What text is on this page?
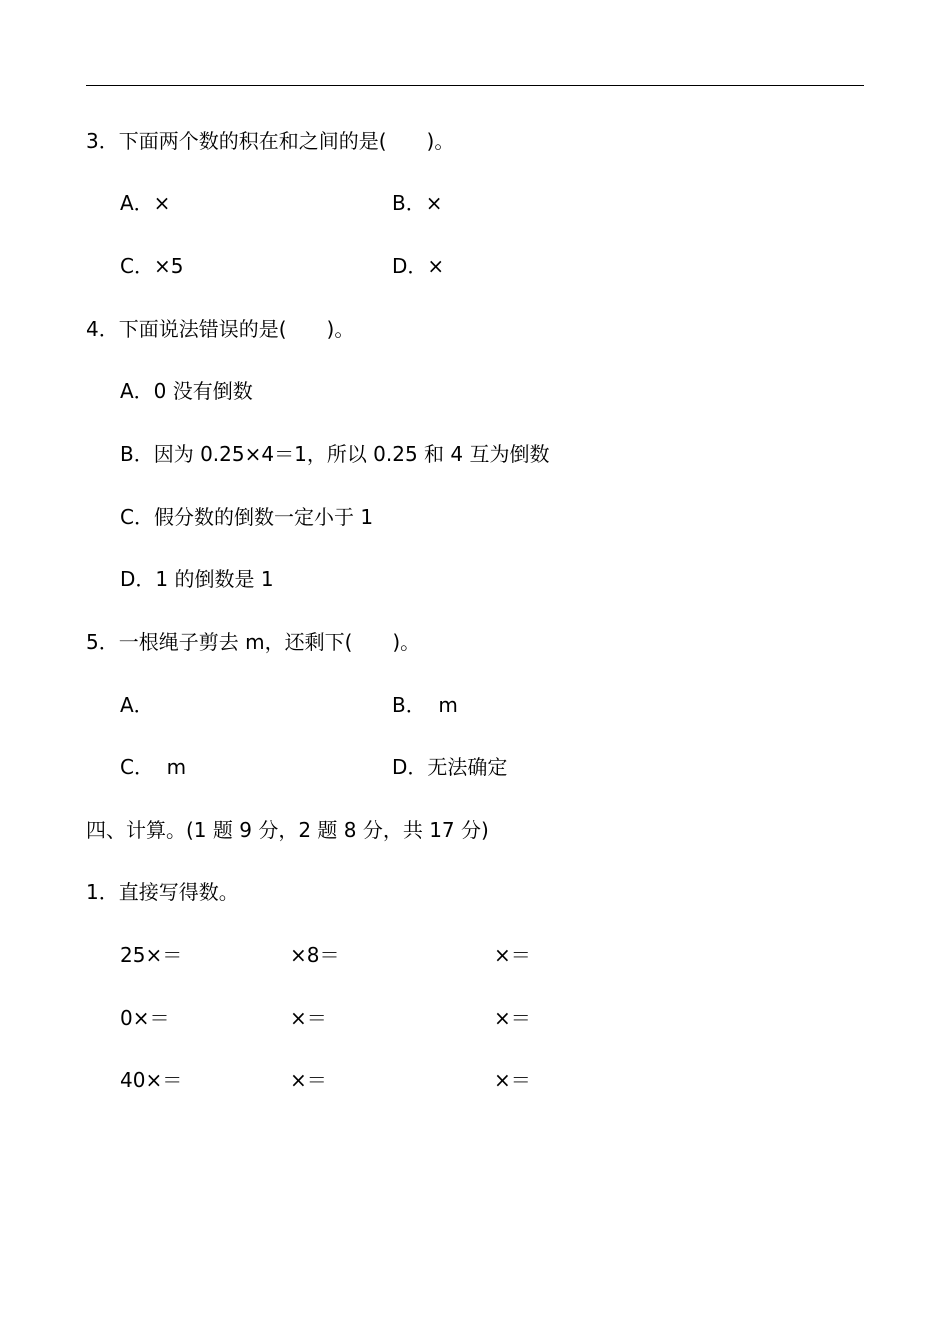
3．下面两个数的积在和之间的是(　　)。
A．×	B．×
C．×5	D．×
4．下面说法错误的是(　　)。
A．0 没有倒数
B．因为 0.25×4＝1，所以 0.25 和 4 互为倒数
C．假分数的倒数一定小于 1
D．1 的倒数是 1
5．一根绳子剪去 m，还剩下(　　)。
A．	B．  m
C．  m	D．无法确定
四、计算。(1 题 9 分，2 题 8 分，共 17 分)
1．直接写得数。
25×＝	×8＝	×＝
0×＝	×＝	×＝
40×＝	×＝	×＝
